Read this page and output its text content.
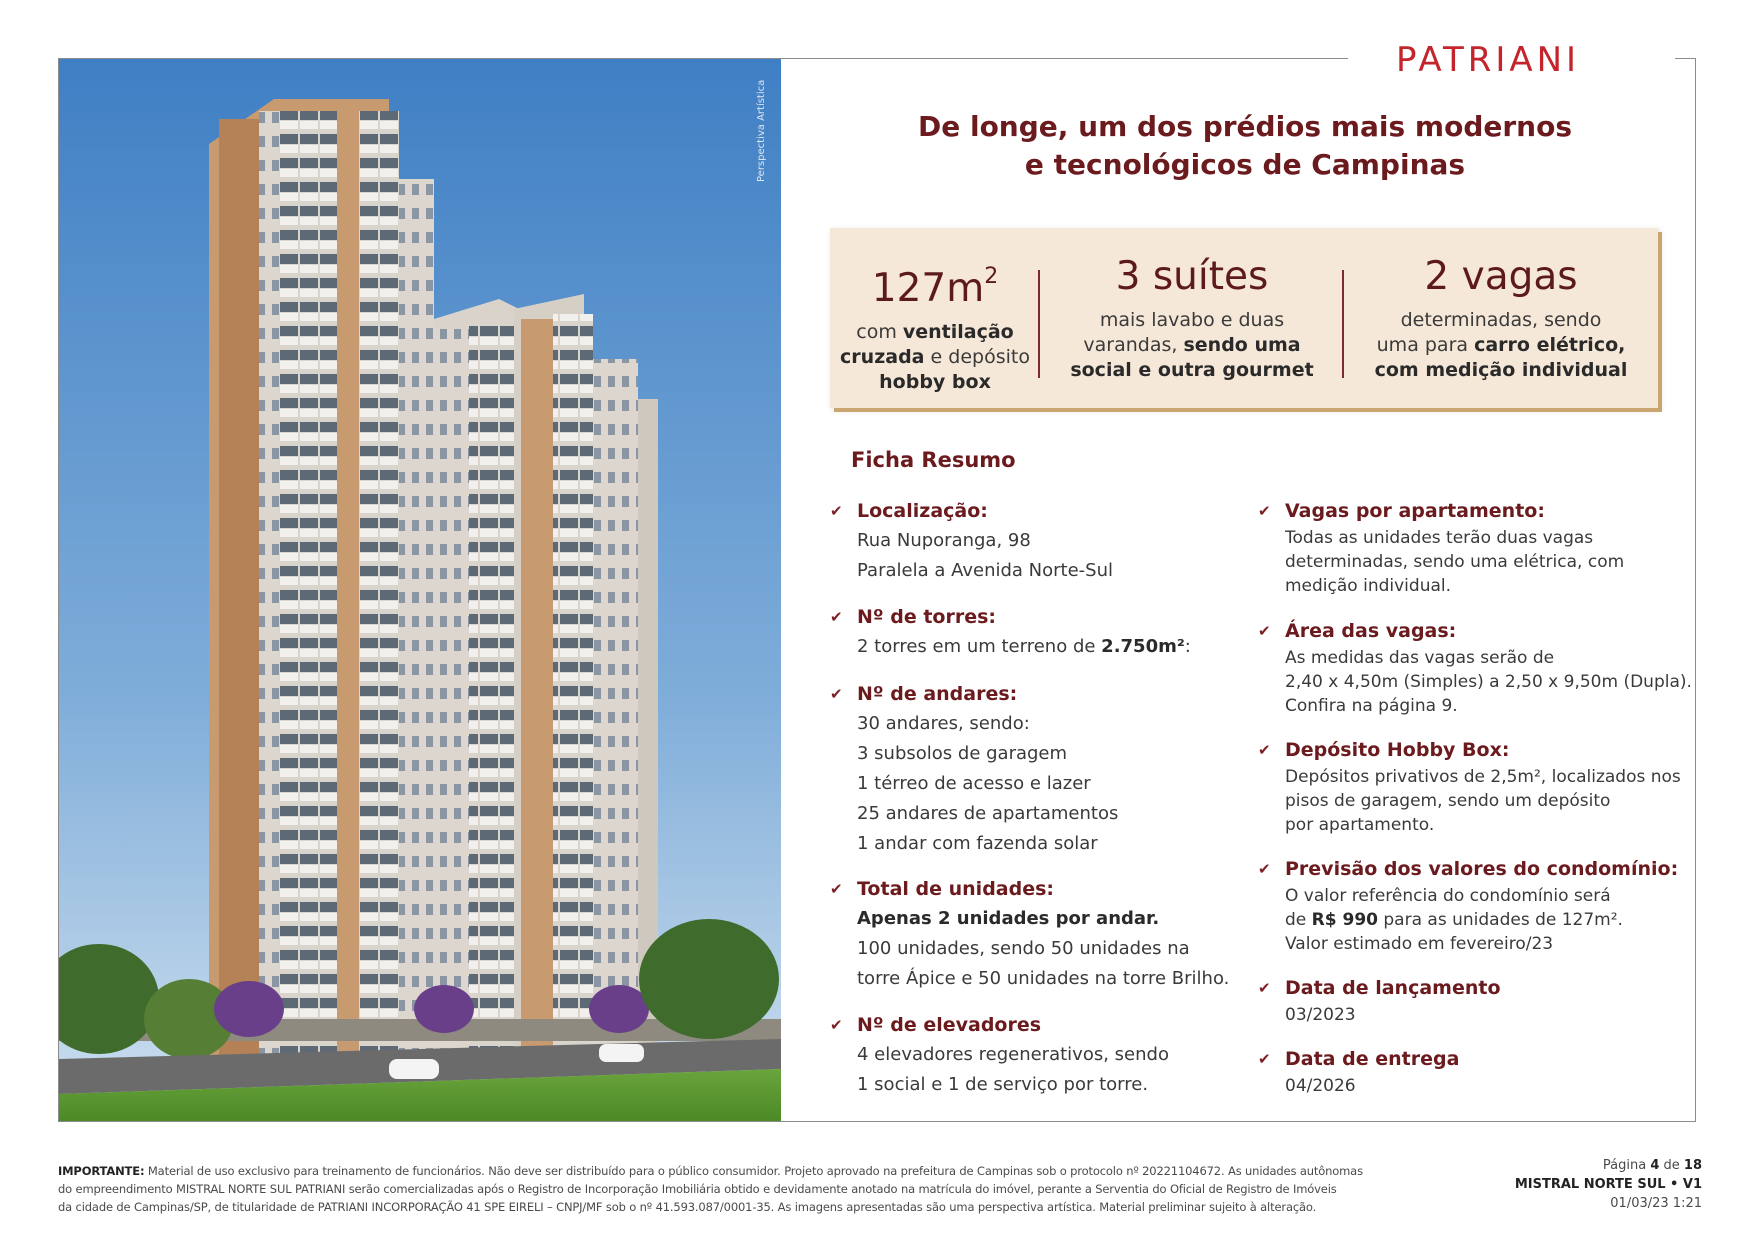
PATRIANI
Perspectiva Artística	De longe, um dos prédios mais modernos
e tecnológicos de Campinas
$127m^2$
com ventilação
cruzada e depósito
hobby box
3 suítes
mais lavabo e duas
varandas, sendo uma
social e outra gourmet
2 vagas
determinadas, sendo
uma para carro elétrico,
com medição individual
Ficha Resumo
✔ Localização:
Rua Nuporanga, 98
Paralela a Avenida Norte-Sul
✔ Nº de torres:
2 torres em um terreno de 2.750m²:
✔ Nº de andares:
30 andares, sendo:
3 subsolos de garagem
1 térreo de acesso e lazer
25 andares de apartamentos
1 andar com fazenda solar
✔ Total de unidades:
Apenas 2 unidades por andar.
100 unidades, sendo 50 unidades na
torre Ápice e 50 unidades na torre Brilho.
✔ Nº de elevadores
4 elevadores regenerativos, sendo
1 social e 1 de serviço por torre.
✔ Vagas por apartamento:
Todas as unidades terão duas vagas
determinadas, sendo uma elétrica, com
medição individual.
✔ Área das vagas:
As medidas das vagas serão de
2,40 x 4,50m (Simples) a 2,50 x 9,50m (Dupla).
Confira na página 9.
✔ Depósito Hobby Box:
Depósitos privativos de 2,5m², localizados nos
pisos de garagem, sendo um depósito
por apartamento.
✔ Previsão dos valores do condomínio:
O valor referência do condomínio será
de R$ 990 para as unidades de 127m².
Valor estimado em fevereiro/23
✔ Data de lançamento
03/2023
✔ Data de entrega
04/2026
IMPORTANTE: Material de uso exclusivo para treinamento de funcionários. Não deve ser distribuído para o público consumidor. Projeto aprovado na prefeitura de Campinas sob o protocolo nº 20221104672. As unidades autônomas
do empreendimento MISTRAL NORTE SUL PATRIANI serão comercializadas após o Registro de Incorporação Imobiliária obtido e devidamente anotado na matrícula do imóvel, perante a Serventia do Oficial de Registro de Imóveis
da cidade de Campinas/SP, de titularidade de PATRIANI INCORPORAÇÃO 41 SPE EIRELI – CNPJ/MF sob o nº 41.593.087/0001-35. As imagens apresentadas são uma perspectiva artística. Material preliminar sujeito à alteração.
Página 4 de 18
MISTRAL NORTE SUL • V1
01/03/23 1:21
